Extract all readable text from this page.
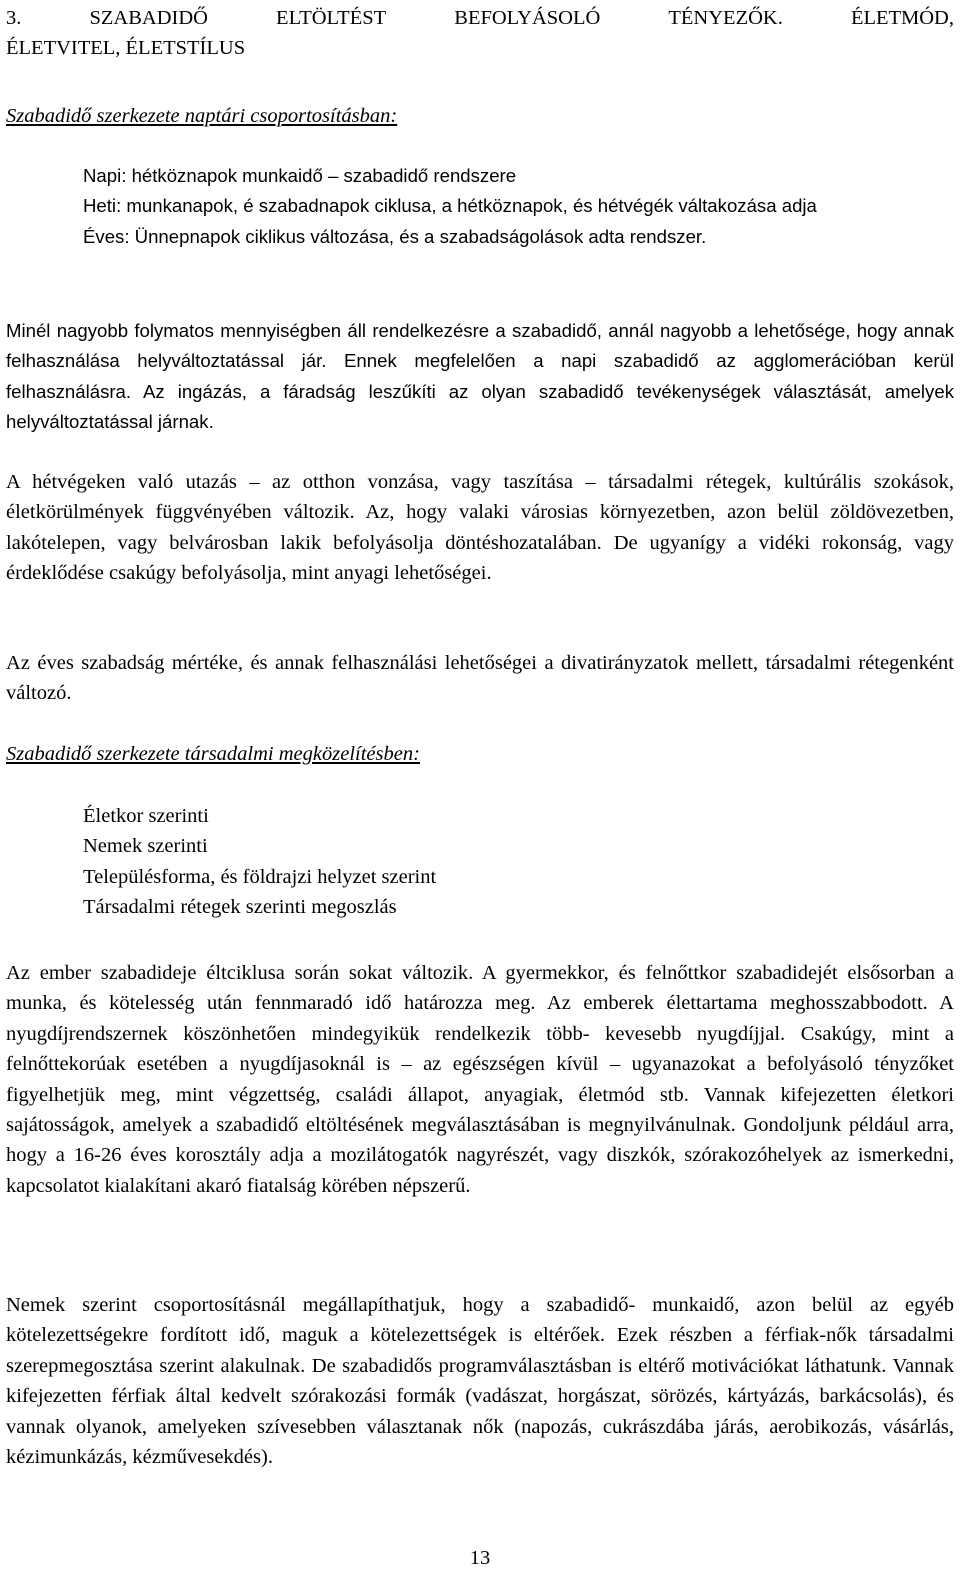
3.	SZABADIDŐ	ELTÖLTÉST	BEFOLYÁSOLÓ	TÉNYEZŐK.	ÉLETMÓD,
ÉLETVITEL, ÉLETSTÍLUS

Szabadidő szerkezete naptári csoportosításban:

Napi: hétköznapok munkaidő – szabadidő rendszere
Heti: munkanapok, é szabadnapok ciklusa, a hétköznapok, és hétvégék váltakozása adja
Éves: Ünnepnapok ciklikus változása, és a szabadságolások adta rendszer.

Minél nagyobb folymatos mennyiségben áll rendelkezésre a szabadidő, annál nagyobb a lehetősége, hogy annak felhasználása helyváltoztatással jár. Ennek megfelelően a napi szabadidő az agglomerációban kerül felhasználásra. Az ingázás, a fáradság leszűkíti az olyan szabadidő tevékenységek választását, amelyek helyváltoztatással járnak.

A hétvégeken való utazás – az otthon vonzása, vagy taszítása – társadalmi rétegek, kultúrális szokások, életkörülmények függvényében változik. Az, hogy valaki városias környezetben, azon belül zöldövezetben, lakótelepen, vagy belvárosban lakik befolyásolja döntéshozatalában. De ugyanígy a vidéki rokonság, vagy érdeklődése csakúgy befolyásolja, mint anyagi lehetőségei.

Az éves szabadság mértéke, és annak felhasználási lehetőségei a divatirányzatok mellett, társadalmi rétegenként változó.

Szabadidő szerkezete társadalmi megközelítésben:

Életkor szerinti
Nemek szerinti
Településforma, és földrajzi helyzet szerint
Társadalmi rétegek szerinti megoszlás

Az ember szabadideje éltciklusa során sokat változik. A gyermekkor, és felnőttkor szabadidejét elsősorban a munka, és kötelesség után fennmaradó idő határozza meg. Az emberek élettartama meghosszabbodott. A nyugdíjrendszernek köszönhetően mindegyikük rendelkezik több- kevesebb nyugdíjjal. Csakúgy, mint a felnőttekorúak esetében a nyugdíjasoknál is – az egészségen kívül – ugyanazokat a befolyásoló tényzőket figyelhetjük meg, mint végzettség, családi állapot, anyagiak, életmód stb. Vannak kifejezetten életkori sajátosságok, amelyek a szabadidő eltöltésének megválasztásában is megnyilvánulnak. Gondoljunk például arra, hogy a 16-26 éves korosztály adja a mozilátogatók nagyrészét, vagy diszkók, szórakozóhelyek az ismerkedni, kapcsolatot kialakítani akaró fiatalság körében népszerű.

Nemek szerint csoportosításnál megállapíthatjuk, hogy a szabadidő- munkaidő, azon belül az egyéb kötelezettségekre fordított idő, maguk a kötelezettségek is eltérőek. Ezek részben a férfiak-nők társadalmi szerepmegosztása szerint alakulnak. De szabadidős programválasztásban is eltérő motivációkat láthatunk. Vannak kifejezetten férfiak által kedvelt szórakozási formák (vadászat, horgászat, sörözés, kártyázás, barkácsolás), és vannak olyanok, amelyeken szívesebben választanak nők (napozás, cukrászdába járás, aerobikozás, vásárlás, kézimunkázás, kézművesekdés).

13
